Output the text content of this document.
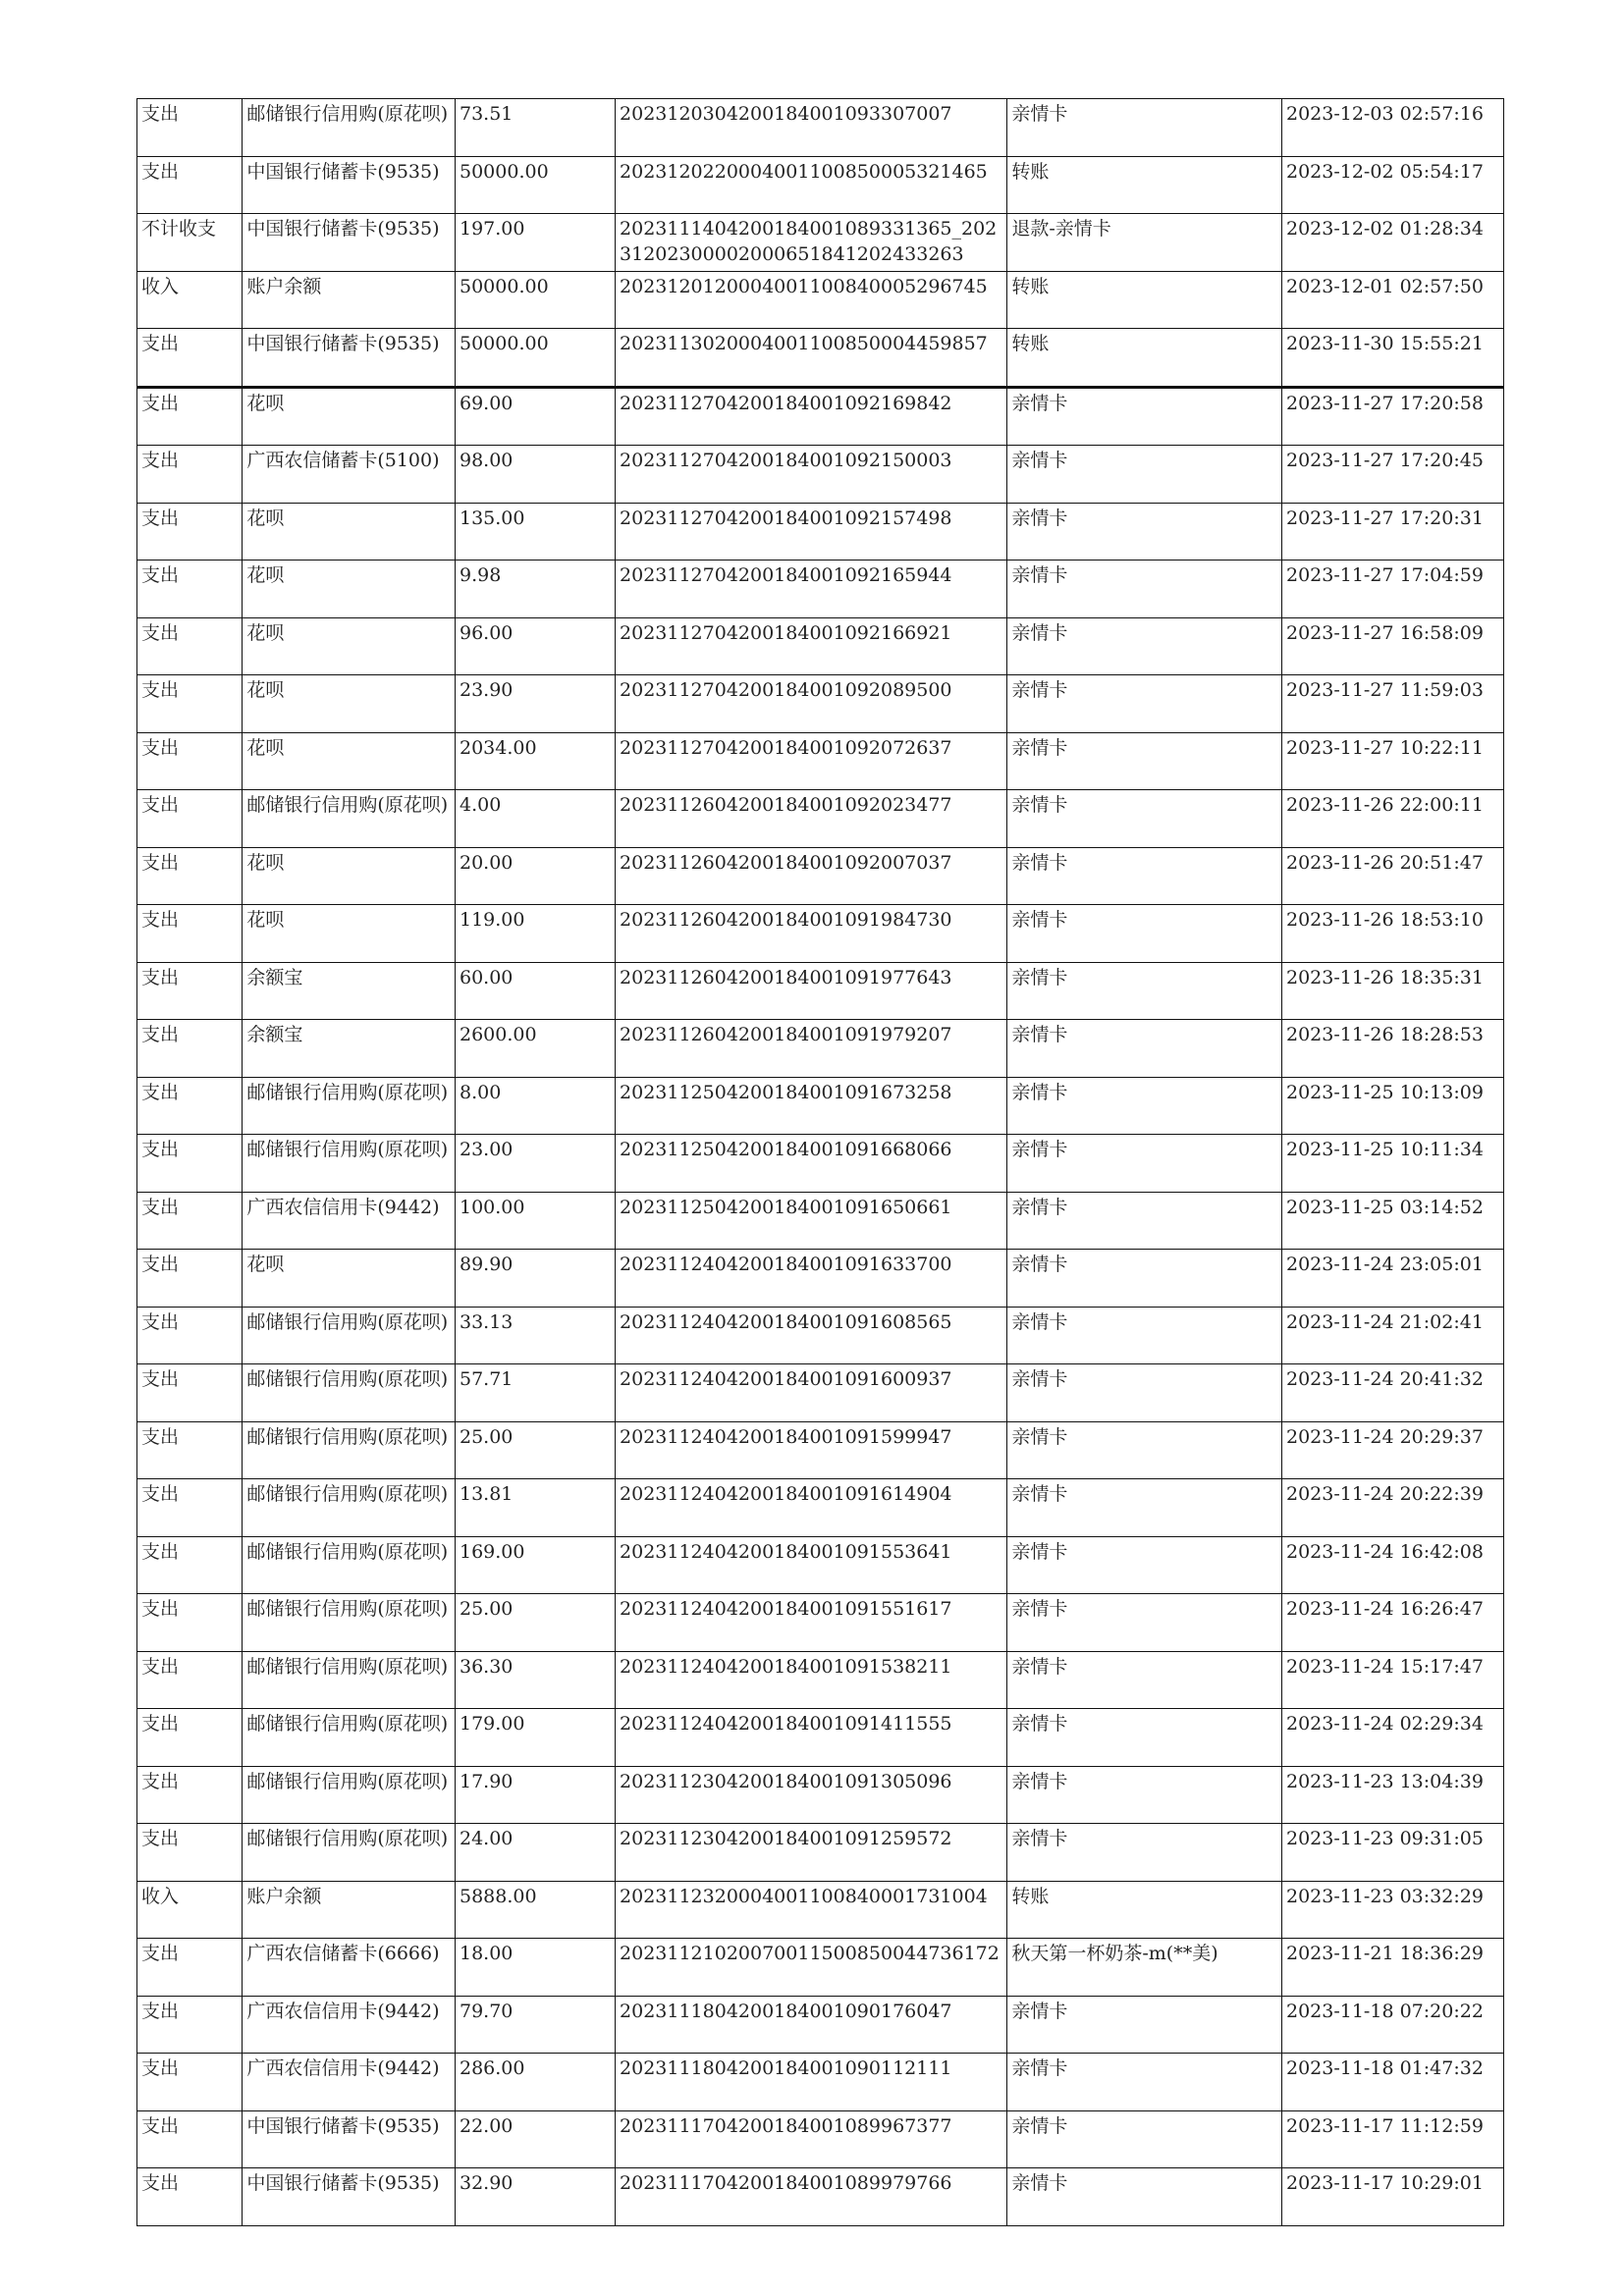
支出	邮储银行信用购(原花呗)	73.51	2023120304200184001093307007	亲情卡	2023-12-03 02:57:16
支出	中国银行储蓄卡(9535)	50000.00	2023120220004001100850005321465	转账	2023-12-02 05:54:17
不计收支	中国银行储蓄卡(9535)	197.00	2023111404200184001089331365_20231202300002000651841202433263	退款-亲情卡	2023-12-02 01:28:34
收入	账户余额	50000.00	2023120120004001100840005296745	转账	2023-12-01 02:57:50
支出	中国银行储蓄卡(9535)	50000.00	2023113020004001100850004459857	转账	2023-11-30 15:55:21
支出	花呗	69.00	2023112704200184001092169842	亲情卡	2023-11-27 17:20:58
支出	广西农信储蓄卡(5100)	98.00	2023112704200184001092150003	亲情卡	2023-11-27 17:20:45
支出	花呗	135.00	2023112704200184001092157498	亲情卡	2023-11-27 17:20:31
支出	花呗	9.98	2023112704200184001092165944	亲情卡	2023-11-27 17:04:59
支出	花呗	96.00	2023112704200184001092166921	亲情卡	2023-11-27 16:58:09
支出	花呗	23.90	2023112704200184001092089500	亲情卡	2023-11-27 11:59:03
支出	花呗	2034.00	2023112704200184001092072637	亲情卡	2023-11-27 10:22:11
支出	邮储银行信用购(原花呗)	4.00	2023112604200184001092023477	亲情卡	2023-11-26 22:00:11
支出	花呗	20.00	2023112604200184001092007037	亲情卡	2023-11-26 20:51:47
支出	花呗	119.00	2023112604200184001091984730	亲情卡	2023-11-26 18:53:10
支出	余额宝	60.00	2023112604200184001091977643	亲情卡	2023-11-26 18:35:31
支出	余额宝	2600.00	2023112604200184001091979207	亲情卡	2023-11-26 18:28:53
支出	邮储银行信用购(原花呗)	8.00	2023112504200184001091673258	亲情卡	2023-11-25 10:13:09
支出	邮储银行信用购(原花呗)	23.00	2023112504200184001091668066	亲情卡	2023-11-25 10:11:34
支出	广西农信信用卡(9442)	100.00	2023112504200184001091650661	亲情卡	2023-11-25 03:14:52
支出	花呗	89.90	2023112404200184001091633700	亲情卡	2023-11-24 23:05:01
支出	邮储银行信用购(原花呗)	33.13	2023112404200184001091608565	亲情卡	2023-11-24 21:02:41
支出	邮储银行信用购(原花呗)	57.71	2023112404200184001091600937	亲情卡	2023-11-24 20:41:32
支出	邮储银行信用购(原花呗)	25.00	2023112404200184001091599947	亲情卡	2023-11-24 20:29:37
支出	邮储银行信用购(原花呗)	13.81	2023112404200184001091614904	亲情卡	2023-11-24 20:22:39
支出	邮储银行信用购(原花呗)	169.00	2023112404200184001091553641	亲情卡	2023-11-24 16:42:08
支出	邮储银行信用购(原花呗)	25.00	2023112404200184001091551617	亲情卡	2023-11-24 16:26:47
支出	邮储银行信用购(原花呗)	36.30	2023112404200184001091538211	亲情卡	2023-11-24 15:17:47
支出	邮储银行信用购(原花呗)	179.00	2023112404200184001091411555	亲情卡	2023-11-24 02:29:34
支出	邮储银行信用购(原花呗)	17.90	2023112304200184001091305096	亲情卡	2023-11-23 13:04:39
支出	邮储银行信用购(原花呗)	24.00	2023112304200184001091259572	亲情卡	2023-11-23 09:31:05
收入	账户余额	5888.00	2023112320004001100840001731004	转账	2023-11-23 03:32:29
支出	广西农信储蓄卡(6666)	18.00	2023112102007001150085004473617​2	秋天第一杯奶茶-m(**美)	2023-11-21 18:36:29
支出	广西农信信用卡(9442)	79.70	2023111804200184001090176047	亲情卡	2023-11-18 07:20:22
支出	广西农信信用卡(9442)	286.00	2023111804200184001090112111	亲情卡	2023-11-18 01:47:32
支出	中国银行储蓄卡(9535)	22.00	2023111704200184001089967377	亲情卡	2023-11-17 11:12:59
支出	中国银行储蓄卡(9535)	32.90	2023111704200184001089979766	亲情卡	2023-11-17 10:29:01
